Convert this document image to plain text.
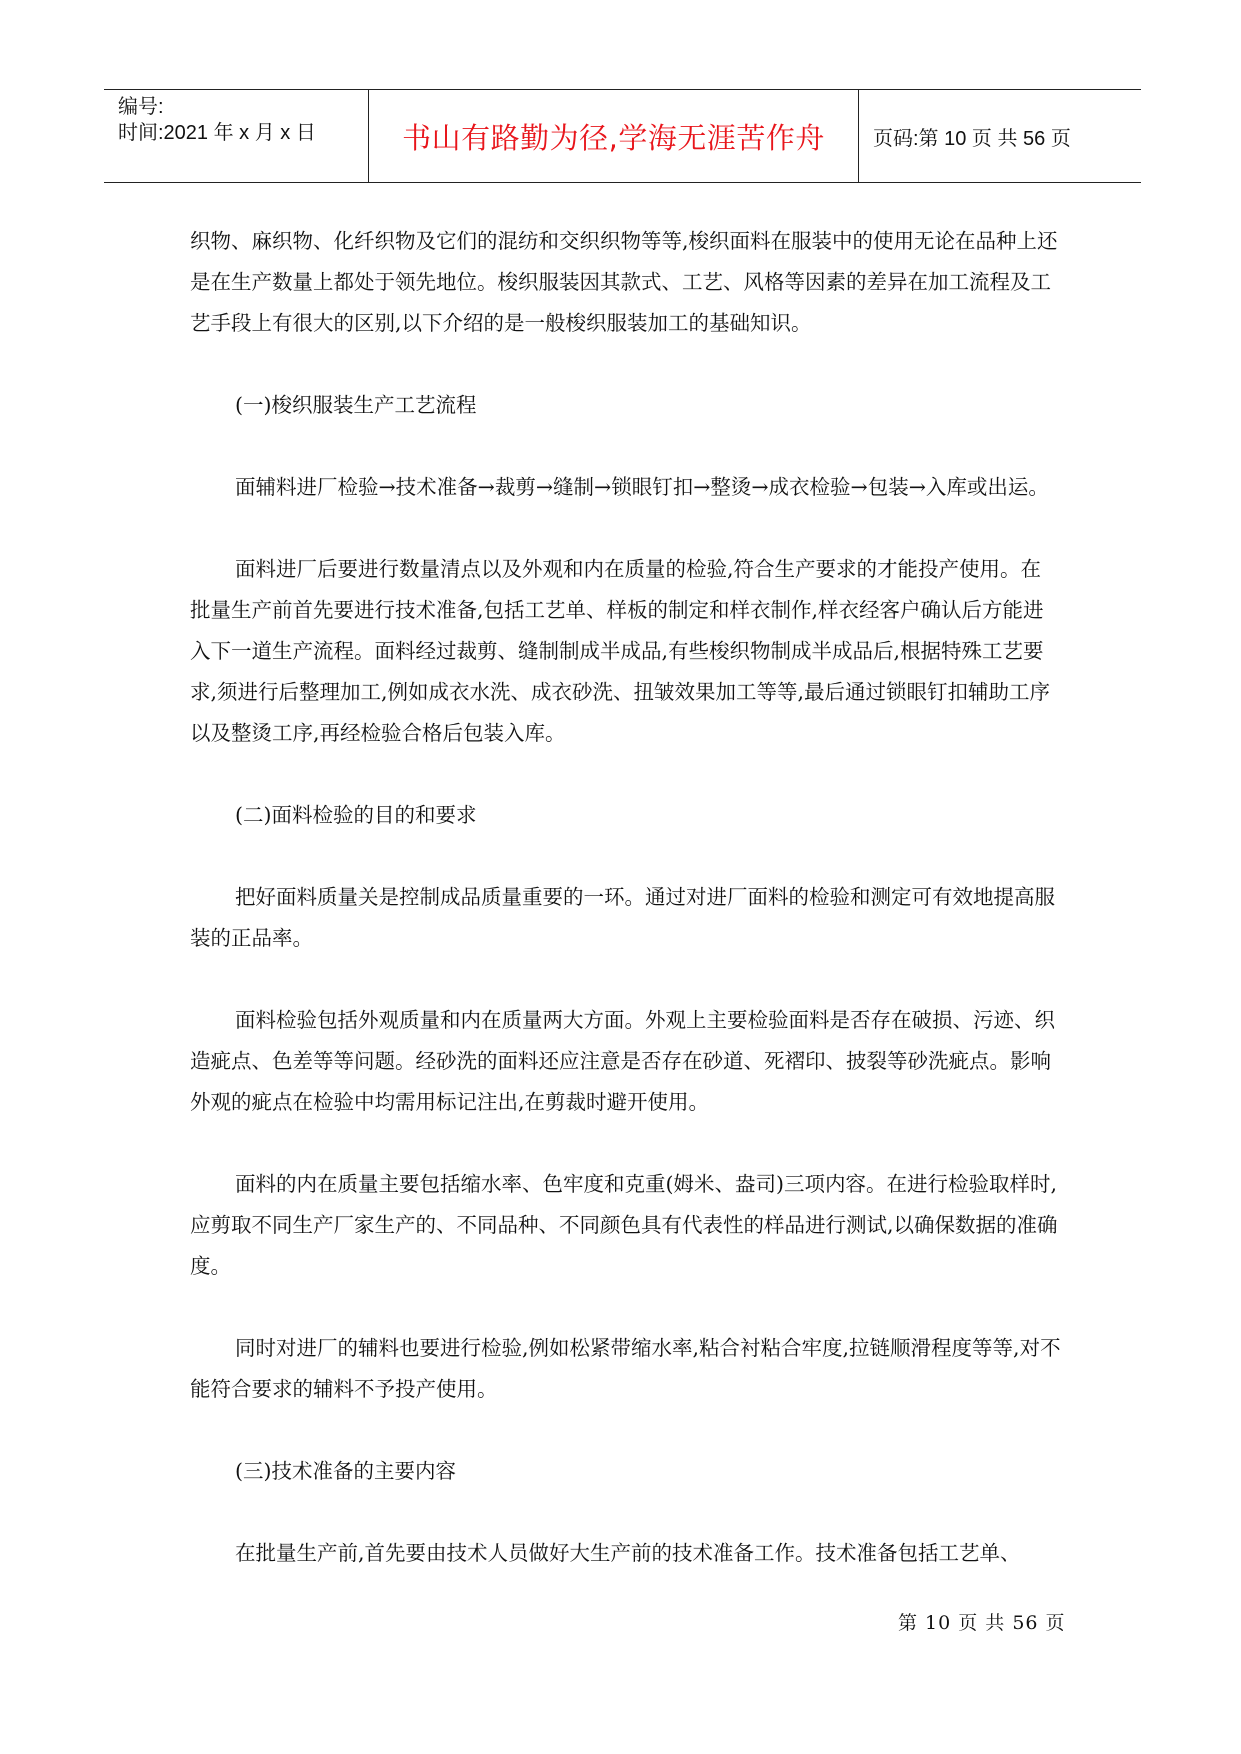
编号:
时间:2021 年 x 月 x 日	书山有路勤为径,学海无涯苦作舟	页码:第 10 页 共 56 页

织物、麻织物、化纤织物及它们的混纺和交织织物等等,梭织面料在服装中的使用无论在品种上还是在生产数量上都处于领先地位。梭织服装因其款式、工艺、风格等因素的差异在加工流程及工艺手段上有很大的区别,以下介绍的是一般梭织服装加工的基础知识。

(一)梭织服装生产工艺流程

面辅料进厂检验→技术准备→裁剪→缝制→锁眼钉扣→整烫→成衣检验→包装→入库或出运。

面料进厂后要进行数量清点以及外观和内在质量的检验,符合生产要求的才能投产使用。在批量生产前首先要进行技术准备,包括工艺单、样板的制定和样衣制作,样衣经客户确认后方能进入下一道生产流程。面料经过裁剪、缝制制成半成品,有些梭织物制成半成品后,根据特殊工艺要求,须进行后整理加工,例如成衣水洗、成衣砂洗、扭皱效果加工等等,最后通过锁眼钉扣辅助工序以及整烫工序,再经检验合格后包装入库。

(二)面料检验的目的和要求

把好面料质量关是控制成品质量重要的一环。通过对进厂面料的检验和测定可有效地提高服装的正品率。

面料检验包括外观质量和内在质量两大方面。外观上主要检验面料是否存在破损、污迹、织造疵点、色差等等问题。经砂洗的面料还应注意是否存在砂道、死褶印、披裂等砂洗疵点。影响外观的疵点在检验中均需用标记注出,在剪裁时避开使用。

面料的内在质量主要包括缩水率、色牢度和克重(姆米、盎司)三项内容。在进行检验取样时,应剪取不同生产厂家生产的、不同品种、不同颜色具有代表性的样品进行测试,以确保数据的准确度。

同时对进厂的辅料也要进行检验,例如松紧带缩水率,粘合衬粘合牢度,拉链顺滑程度等等,对不能符合要求的辅料不予投产使用。

(三)技术准备的主要内容

在批量生产前,首先要由技术人员做好大生产前的技术准备工作。技术准备包括工艺单、

第 10 页 共 56 页
